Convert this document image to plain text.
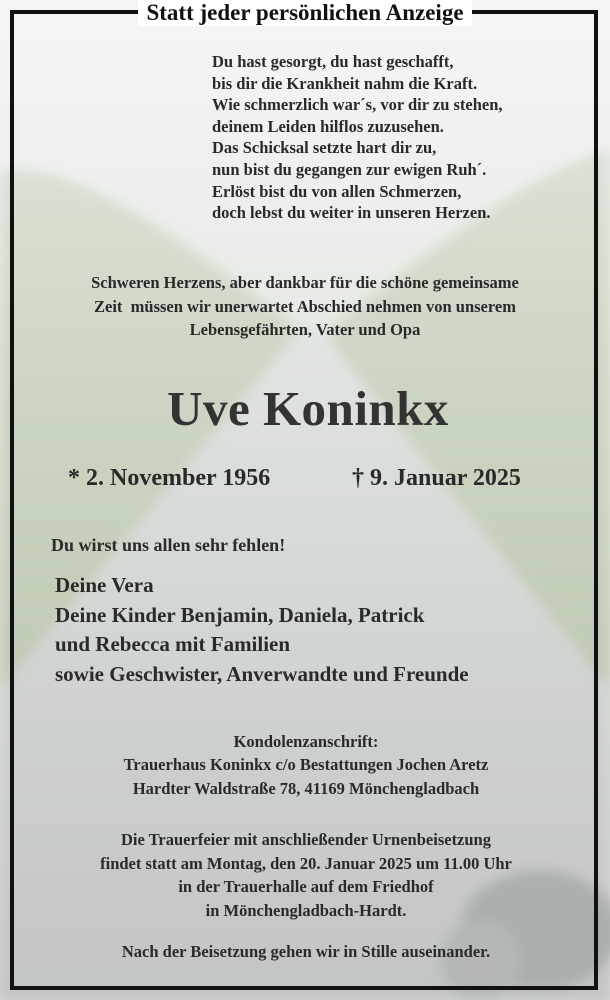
Statt jeder persönlichen Anzeige
Du hast gesorgt, du hast geschafft,
bis dir die Krankheit nahm die Kraft.
Wie schmerzlich war´s, vor dir zu stehen,
deinem Leiden hilflos zuzusehen.
Das Schicksal setzte hart dir zu,
nun bist du gegangen zur ewigen Ruh´.
Erlöst bist du von allen Schmerzen,
doch lebst du weiter in unseren Herzen.
Schweren Herzens, aber dankbar für die schöne gemeinsame
Zeit  müssen wir unerwartet Abschied nehmen von unserem
Lebensgefährten, Vater und Opa
Uve Koninkx
* 2. November 1956	† 9. Januar 2025
Du wirst uns allen sehr fehlen!
Deine Vera
Deine Kinder Benjamin, Daniela, Patrick
und Rebecca mit Familien
sowie Geschwister, Anverwandte und Freunde
Kondolenzanschrift:
Trauerhaus Koninkx c/o Bestattungen Jochen Aretz
Hardter Waldstraße 78, 41169 Mönchengladbach
Die Trauerfeier mit anschließender Urnenbeisetzung
findet statt am Montag, den 20. Januar 2025 um 11.00 Uhr
in der Trauerhalle auf dem Friedhof
in Mönchengladbach-Hardt.
Nach der Beisetzung gehen wir in Stille auseinander.
